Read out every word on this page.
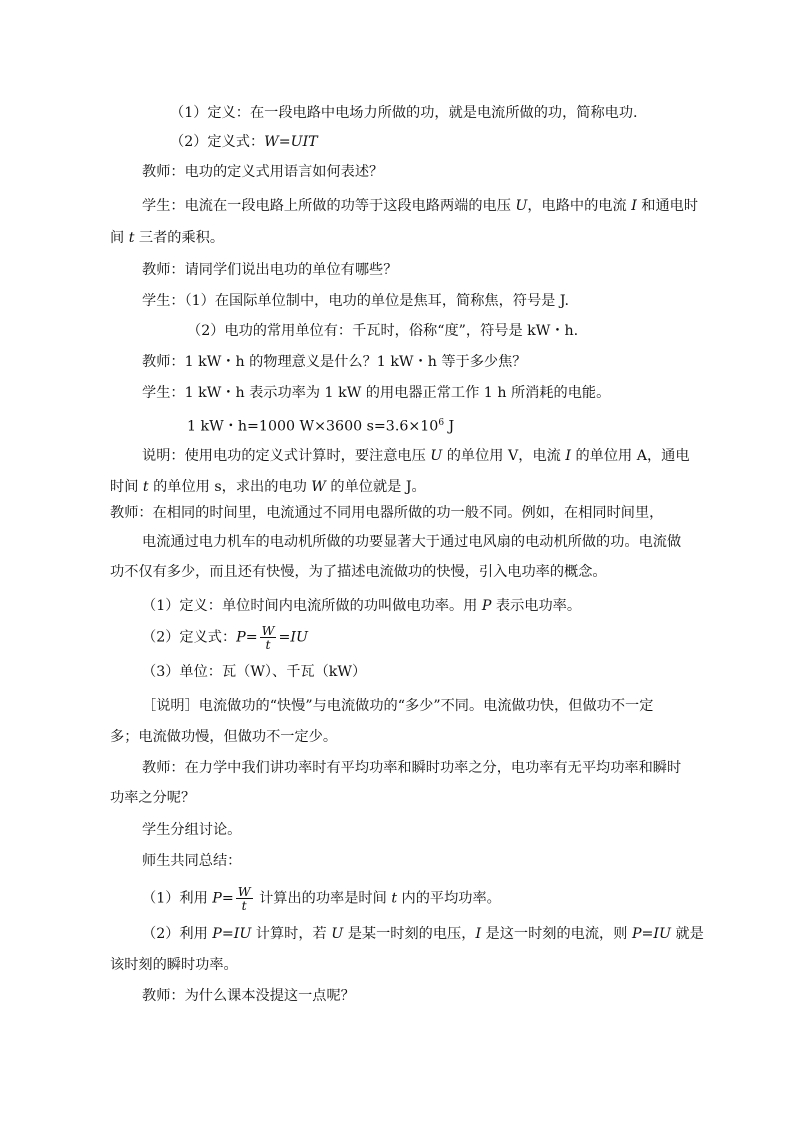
（1）定义：在一段电路中电场力所做的功，就是电流所做的功，简称电功.
（2）定义式：W=UIT
教师：电功的定义式用语言如何表述？
学生：电流在一段电路上所做的功等于这段电路两端的电压 U，电路中的电流 I 和通电时
间 t 三者的乘积。
教师：请同学们说出电功的单位有哪些？
学生：（1）在国际单位制中，电功的单位是焦耳，简称焦，符号是 J.
（2）电功的常用单位有：千瓦时，俗称“度”，符号是 kW・h.
教师：1 kW・h 的物理意义是什么？1 kW・h 等于多少焦？
学生：1 kW・h 表示功率为 1 kW 的用电器正常工作 1 h 所消耗的电能。
1 kW・h=1000 W×3600 $s=3.6\times 10^6$ J
说明：使用电功的定义式计算时，要注意电压 U 的单位用 V，电流 I 的单位用 A，通电
时间 t 的单位用 s，求出的电功 W 的单位就是 J。
教师：在相同的时间里，电流通过不同用电器所做的功一般不同。例如，在相同时间里，
电流通过电力机车的电动机所做的功要显著大于通过电风扇的电动机所做的功。电流做
功不仅有多少，而且还有快慢，为了描述电流做功的快慢，引入电功率的概念。
（1）定义：单位时间内电流所做的功叫做电功率。用 P 表示电功率。
（2）定义式：$P= \frac{W}{t} =IU$
（3）单位：瓦（W）、千瓦（kW）
［说明］电流做功的“快慢”与电流做功的“多少”不同。电流做功快，但做功不一定
多；电流做功慢，但做功不一定少。
教师：在力学中我们讲功率时有平均功率和瞬时功率之分，电功率有无平均功率和瞬时
功率之分呢？
学生分组讨论。
师生共同总结：
（1）利用 $P= \frac{W}{t}$ 计算出的功率是时间 t 内的平均功率。
（2）利用 P=IU 计算时，若 U 是某一时刻的电压，I 是这一时刻的电流，则 P=IU 就是
该时刻的瞬时功率。
教师：为什么课本没提这一点呢？
